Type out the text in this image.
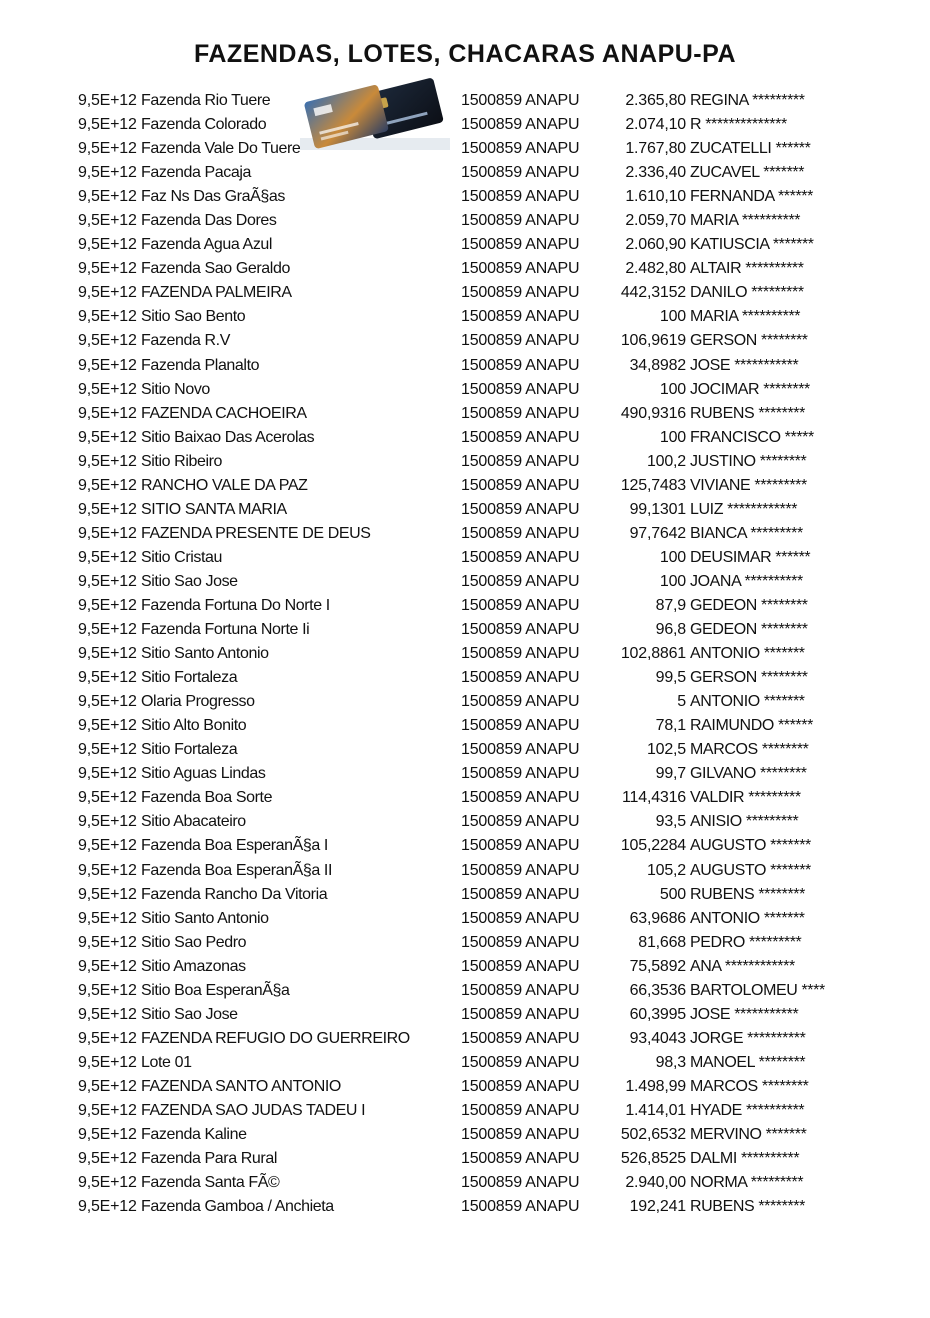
FAZENDAS, LOTES, CHACARAS ANAPU-PA
9,5E+12 Fazenda Rio Tuere	1500859 ANAPU	2.365,80 REGINA *********
9,5E+12 Fazenda Colorado	1500859 ANAPU	2.074,10 R **************
9,5E+12 Fazenda Vale Do Tuere	1500859 ANAPU	1.767,80 ZUCATELLI ******
9,5E+12 Fazenda Pacaja	1500859 ANAPU	2.336,40 ZUCAVEL *******
9,5E+12 Faz Ns Das GraÃ§as	1500859 ANAPU	1.610,10 FERNANDA ******
9,5E+12 Fazenda Das Dores	1500859 ANAPU	2.059,70 MARIA **********
9,5E+12 Fazenda Agua Azul	1500859 ANAPU	2.060,90 KATIUSCIA *******
9,5E+12 Fazenda Sao Geraldo	1500859 ANAPU	2.482,80 ALTAIR **********
9,5E+12 FAZENDA PALMEIRA	1500859 ANAPU	442,3152 DANILO *********
9,5E+12 Sitio Sao Bento	1500859 ANAPU	100 MARIA **********
9,5E+12 Fazenda R.V	1500859 ANAPU	106,9619 GERSON ********
9,5E+12 Fazenda Planalto	1500859 ANAPU	34,8982 JOSE ***********
9,5E+12 Sitio Novo	1500859 ANAPU	100 JOCIMAR ********
9,5E+12 FAZENDA CACHOEIRA	1500859 ANAPU	490,9316 RUBENS ********
9,5E+12 Sitio Baixao Das Acerolas	1500859 ANAPU	100 FRANCISCO *****
9,5E+12 Sitio Ribeiro	1500859 ANAPU	100,2 JUSTINO ********
9,5E+12 RANCHO VALE DA PAZ	1500859 ANAPU	125,7483 VIVIANE *********
9,5E+12 SITIO SANTA MARIA	1500859 ANAPU	99,1301 LUIZ ************
9,5E+12 FAZENDA PRESENTE DE DEUS	1500859 ANAPU	97,7642 BIANCA *********
9,5E+12 Sitio Cristau	1500859 ANAPU	100 DEUSIMAR ******
9,5E+12 Sitio Sao Jose	1500859 ANAPU	100 JOANA **********
9,5E+12 Fazenda Fortuna Do Norte I	1500859 ANAPU	87,9 GEDEON ********
9,5E+12 Fazenda Fortuna Norte Ii	1500859 ANAPU	96,8 GEDEON ********
9,5E+12 Sitio Santo Antonio	1500859 ANAPU	102,8861 ANTONIO *******
9,5E+12 Sitio Fortaleza	1500859 ANAPU	99,5 GERSON ********
9,5E+12 Olaria Progresso	1500859 ANAPU	5 ANTONIO *******
9,5E+12 Sitio Alto Bonito	1500859 ANAPU	78,1 RAIMUNDO ******
9,5E+12 Sitio Fortaleza	1500859 ANAPU	102,5 MARCOS ********
9,5E+12 Sitio Aguas Lindas	1500859 ANAPU	99,7 GILVANO ********
9,5E+12 Fazenda Boa Sorte	1500859 ANAPU	114,4316 VALDIR *********
9,5E+12 Sitio Abacateiro	1500859 ANAPU	93,5 ANISIO *********
9,5E+12 Fazenda Boa EsperanÃ§a I	1500859 ANAPU	105,2284 AUGUSTO *******
9,5E+12 Fazenda Boa EsperanÃ§a II	1500859 ANAPU	105,2 AUGUSTO *******
9,5E+12 Fazenda Rancho Da Vitoria	1500859 ANAPU	500 RUBENS ********
9,5E+12 Sitio Santo Antonio	1500859 ANAPU	63,9686 ANTONIO *******
9,5E+12 Sitio Sao Pedro	1500859 ANAPU	81,668 PEDRO *********
9,5E+12 Sitio Amazonas	1500859 ANAPU	75,5892 ANA ************
9,5E+12 Sitio Boa EsperanÃ§a	1500859 ANAPU	66,3536 BARTOLOMEU ****
9,5E+12 Sitio Sao Jose	1500859 ANAPU	60,3995 JOSE ***********
9,5E+12 FAZENDA REFUGIO DO GUERREIRO	1500859 ANAPU	93,4043 JORGE **********
9,5E+12 Lote 01	1500859 ANAPU	98,3 MANOEL ********
9,5E+12 FAZENDA SANTO ANTONIO	1500859 ANAPU	1.498,99 MARCOS ********
9,5E+12 FAZENDA SAO JUDAS TADEU I	1500859 ANAPU	1.414,01 HYADE **********
9,5E+12 Fazenda Kaline	1500859 ANAPU	502,6532 MERVINO *******
9,5E+12 Fazenda Para Rural	1500859 ANAPU	526,8525 DALMI **********
9,5E+12 Fazenda Santa FÃ©	1500859 ANAPU	2.940,00 NORMA *********
9,5E+12 Fazenda Gamboa / Anchieta	1500859 ANAPU	192,241 RUBENS ********
